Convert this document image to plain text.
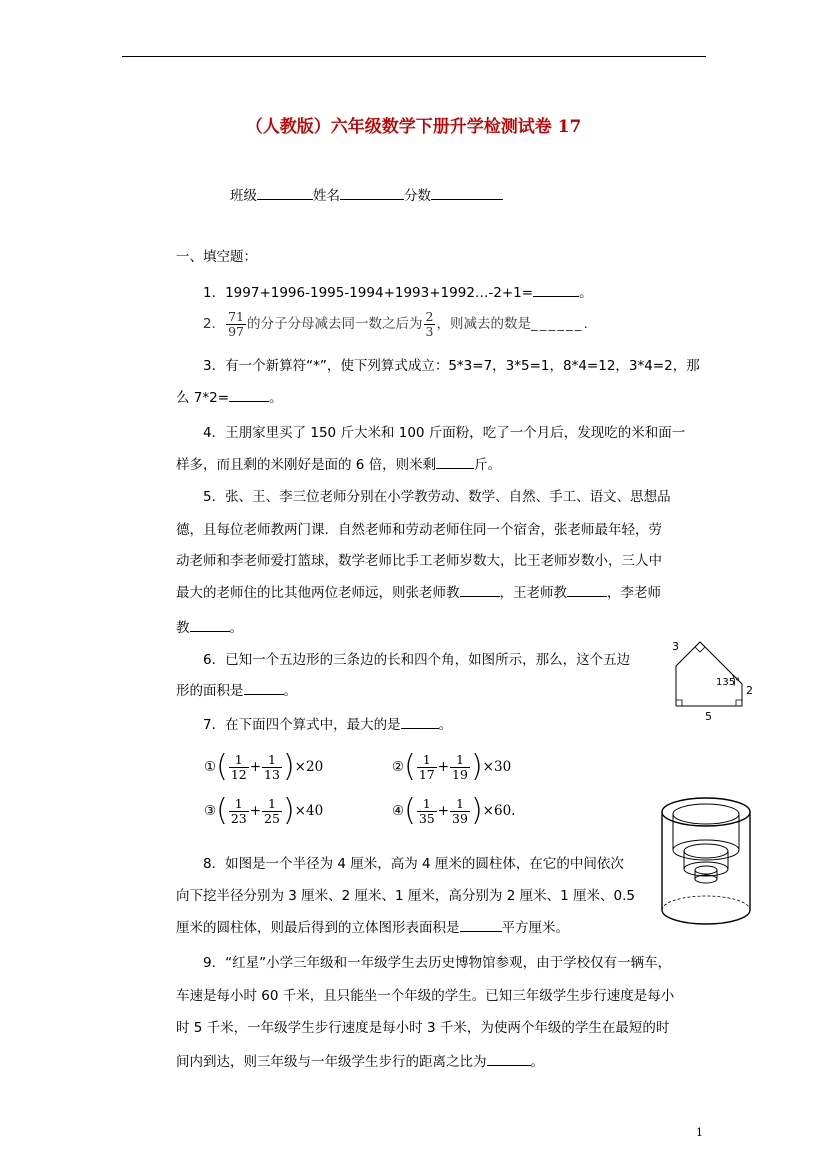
（人教版）六年级数学下册升学检测试卷 17
班级	姓名	分数
一、填空题：
1．1997+1996-1995-1994+1993+1992…-2+1=	。
2． $\frac{71}{97}$ 的分子分母减去同一数之后为 $\frac{2}{3}$ ，则减去的数是 ______.
3．有一个新算符“*”，使下列算式成立：5*3=7，3*5=1，8*4=12，3*4=2，那
么 7*2=	。
4．王朋家里买了 150 斤大米和 100 斤面粉，吃了一个月后，发现吃的米和面一
样多，而且剩的米刚好是面的 6 倍，则米剩	斤。
5．张、王、李三位老师分别在小学教劳动、数学、自然、手工、语文、思想品
德，且每位老师教两门课．自然老师和劳动老师住同一个宿舍，张老师最年轻，劳
动老师和李老师爱打篮球，数学老师比手工老师岁数大，比王老师岁数小，三人中
最大的老师住的比其他两位老师远，则张老师教	，王老师教	，李老师
教	。
6．已知一个五边形的三条边的长和四个角，如图所示，那么，这个五边
形的面积是	。
3
135°
2
5
7．在下面四个算式中，最大的是	。
① ( $\frac{1}{12} + \frac{1}{13}$ ) ×20	② ( $\frac{1}{17} + \frac{1}{19}$ ) ×30
③ ( $\frac{1}{23} + \frac{1}{25}$ ) ×40	④ ( $\frac{1}{35} + \frac{1}{39}$ ) ×60.
8．如图是一个半径为 4 厘米，高为 4 厘米的圆柱体，在它的中间依次
向下挖半径分别为 3 厘米、2 厘米、1 厘米，高分别为 2 厘米、1 厘米、0.5
厘米的圆柱体，则最后得到的立体图形表面积是	平方厘米。
9．“红星”小学三年级和一年级学生去历史博物馆参观，由于学校仅有一辆车，
车速是每小时 60 千米，且只能坐一个年级的学生。已知三年级学生步行速度是每小
时 5 千米，一年级学生步行速度是每小时 3 千米，为使两个年级的学生在最短的时
间内到达，则三年级与一年级学生步行的距离之比为	。
1
